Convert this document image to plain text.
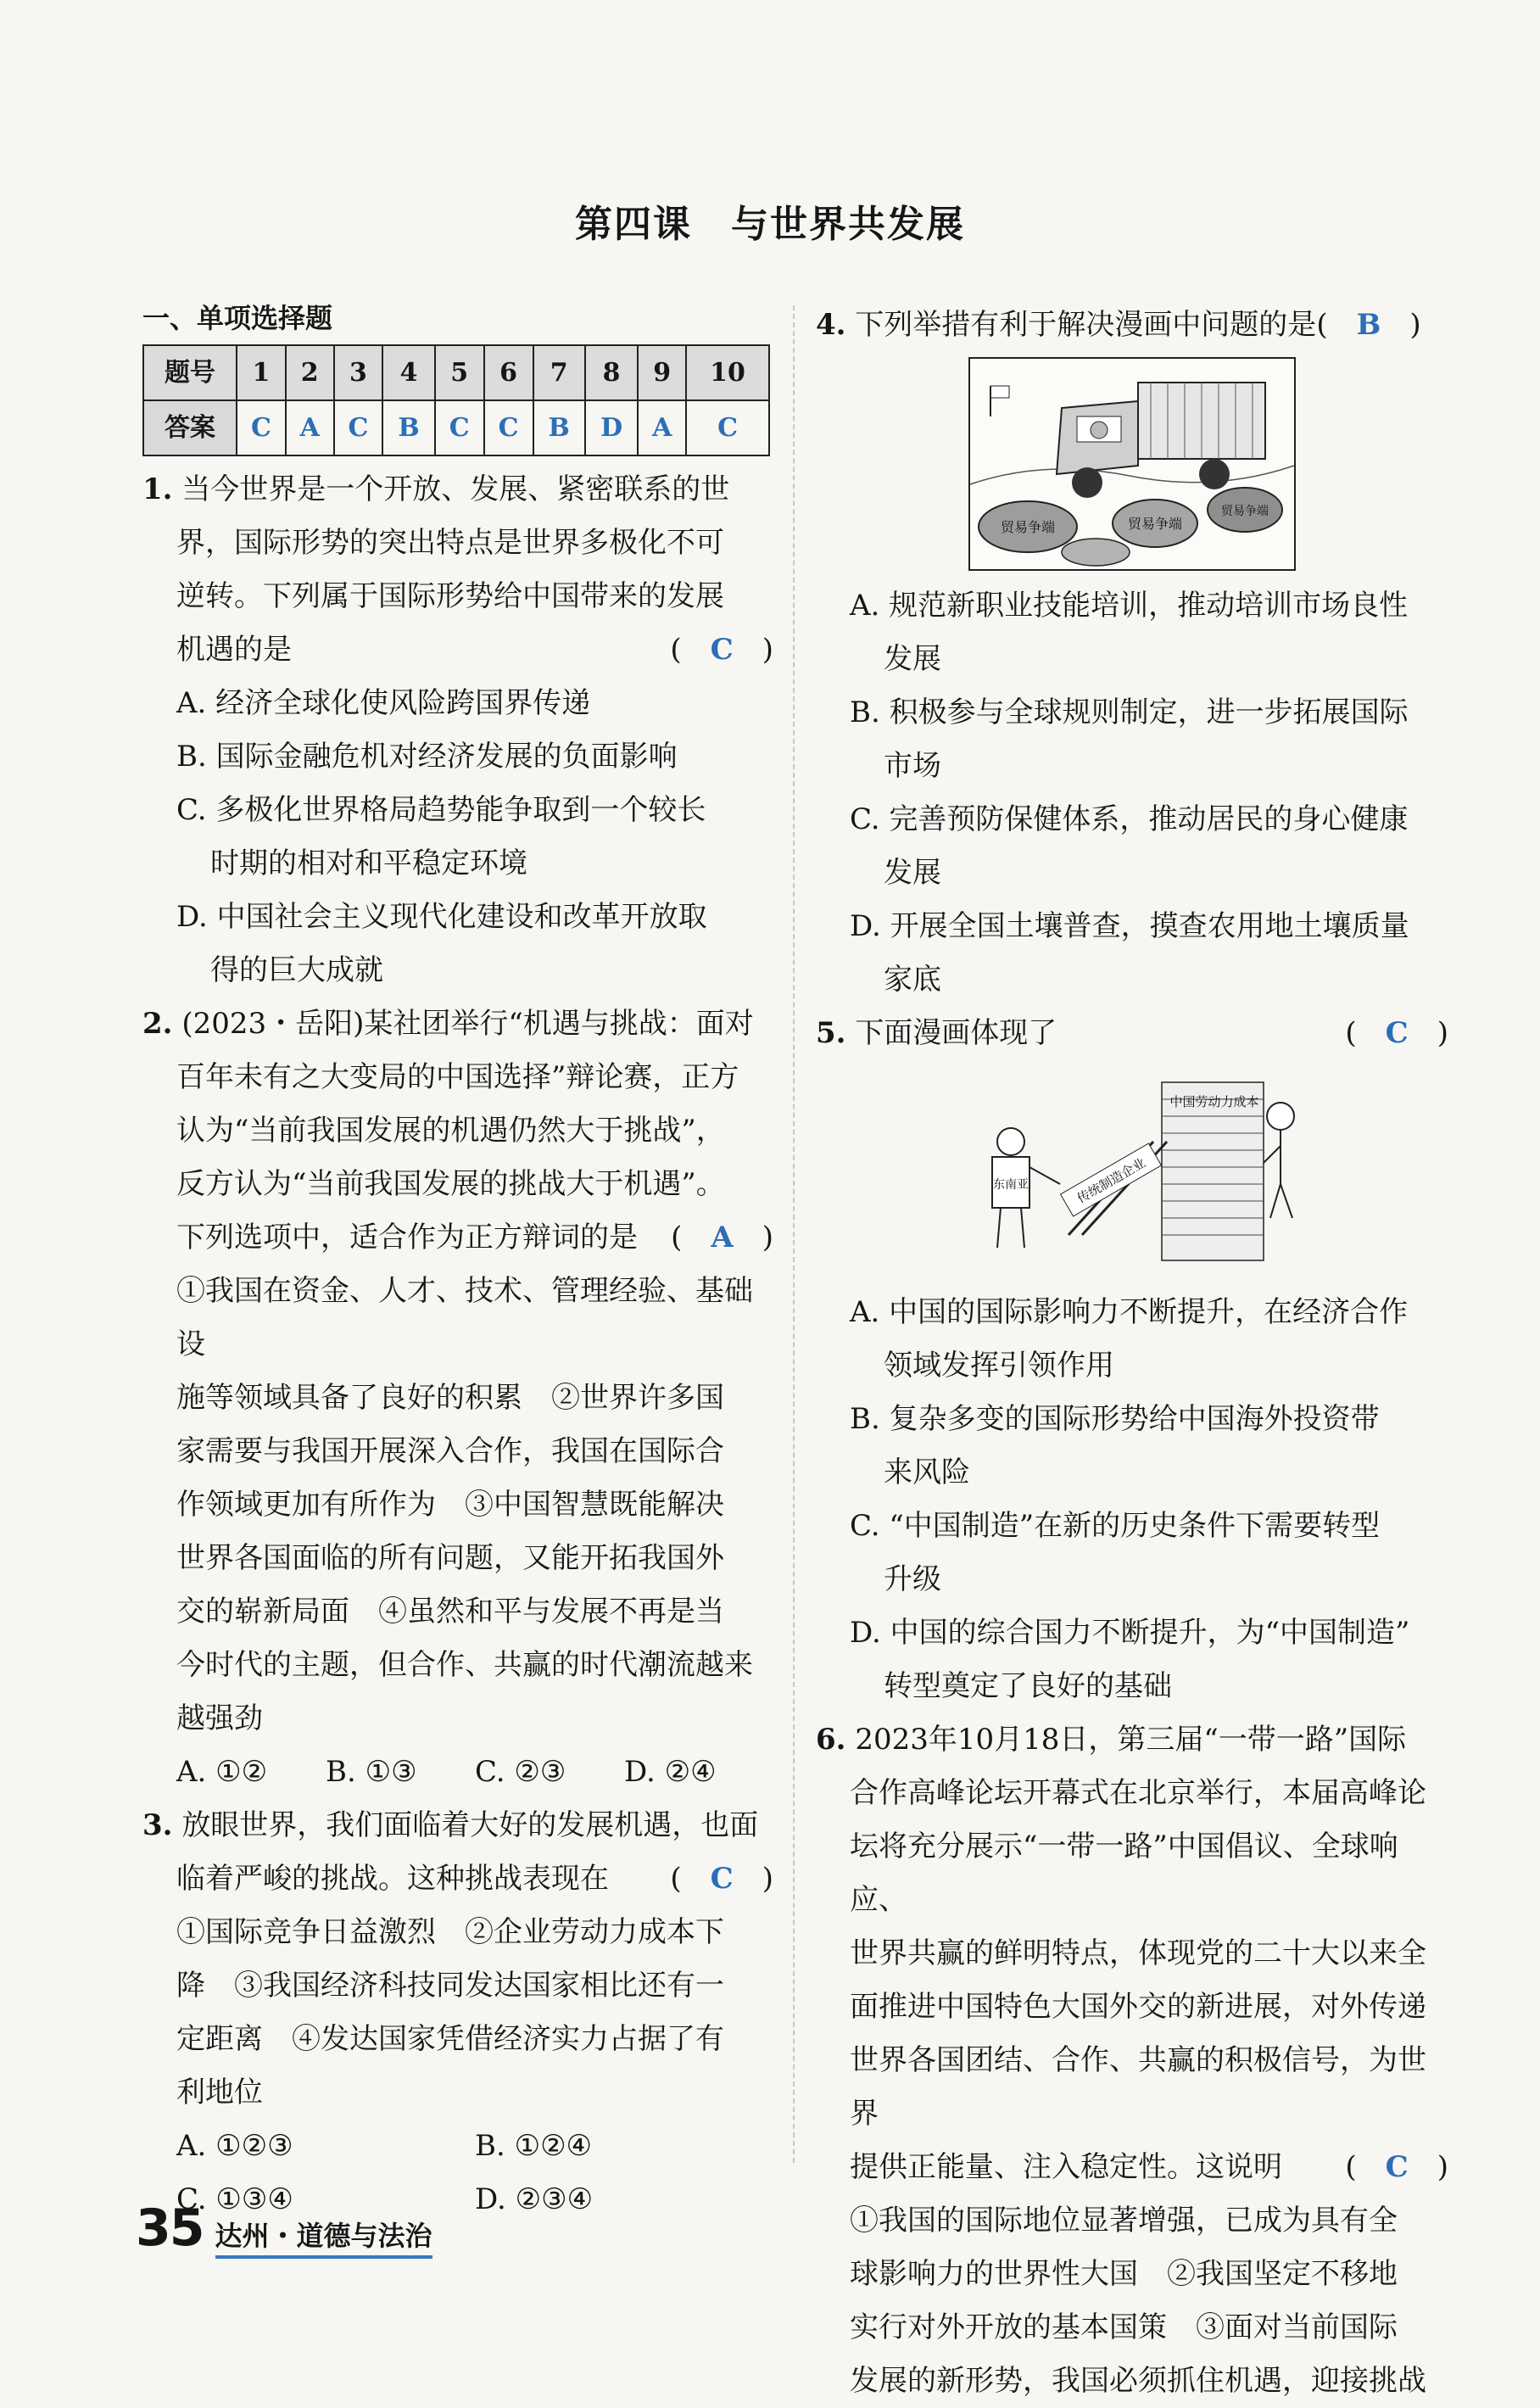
第四课　与世界共发展
一、单项选择题
题号	1	2	3	4	5	6	7	8	9	10
答案	C	A	C	B	C	C	B	D	A	C
1. 当今世界是一个开放、发展、紧密联系的世
界，国际形势的突出特点是世界多极化不可
逆转。下列属于国际形势给中国带来的发展
机遇的是	(　C　)
A. 经济全球化使风险跨国界传递
B. 国际金融危机对经济发展的负面影响
C. 多极化世界格局趋势能争取到一个较长
时期的相对和平稳定环境
D. 中国社会主义现代化建设和改革开放取
得的巨大成就
2. (2023・岳阳)某社团举行“机遇与挑战：面对
百年未有之大变局的中国选择”辩论赛，正方
认为“当前我国发展的机遇仍然大于挑战”，
反方认为“当前我国发展的挑战大于机遇”。
下列选项中，适合作为正方辩词的是 (　A　)
①我国在资金、人才、技术、管理经验、基础设
施等领域具备了良好的积累　②世界许多国
家需要与我国开展深入合作，我国在国际合
作领域更加有所作为　③中国智慧既能解决
世界各国面临的所有问题，又能开拓我国外
交的崭新局面　④虽然和平与发展不再是当
今时代的主题，但合作、共赢的时代潮流越来
越强劲
A. ①②	B. ①③	C. ②③	D. ②④
3. 放眼世界，我们面临着大好的发展机遇，也面
临着严峻的挑战。这种挑战表现在 (　C　)
①国际竞争日益激烈　②企业劳动力成本下
降　③我国经济科技同发达国家相比还有一
定距离　④发达国家凭借经济实力占据了有
利地位
A. ①②③	B. ①②④
C. ①③④	D. ②③④
4. 下列举措有利于解决漫画中问题的是(　B　)
贸易争端	贸易争端
贸易争端
A. 规范新职业技能培训，推动培训市场良性
发展
B. 积极参与全球规则制定，进一步拓展国际
市场
C. 完善预防保健体系，推动居民的身心健康
发展
D. 开展全国土壤普查，摸查农用地土壤质量
家底
5. 下面漫画体现了	(　C　)
中国劳动力成本
传统制造企业
东南亚
A. 中国的国际影响力不断提升，在经济合作
领域发挥引领作用
B. 复杂多变的国际形势给中国海外投资带
来风险
C. “中国制造”在新的历史条件下需要转型
升级
D. 中国的综合国力不断提升，为“中国制造”
转型奠定了良好的基础
6. 2023年10月18日，第三届“一带一路”国际
合作高峰论坛开幕式在北京举行，本届高峰论
坛将充分展示“一带一路”中国倡议、全球响应、
世界共赢的鲜明特点，体现党的二十大以来全
面推进中国特色大国外交的新进展，对外传递
世界各国团结、合作、共赢的积极信号，为世界
提供正能量、注入稳定性。这说明 (　C　)
①我国的国际地位显著增强，已成为具有全
球影响力的世界性大国　②我国坚定不移地
实行对外开放的基本国策　③面对当前国际
发展的新形势，我国必须抓住机遇，迎接挑战
35 达州・道德与法治
